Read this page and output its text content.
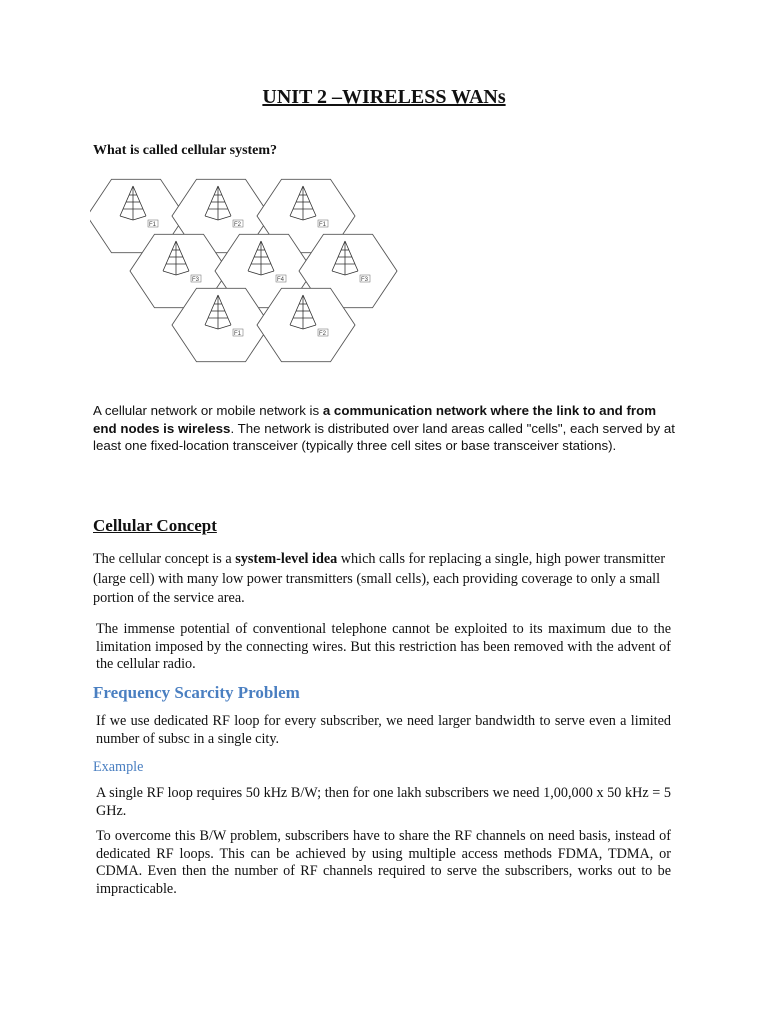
UNIT 2 –WIRELESS WANs
What is called cellular system?
F1	F2	F1
F3	F4	F3
F1	F2
A cellular network or mobile network is a communication network where the link to and from end nodes is wireless. The network is distributed over land areas called "cells", each served by at least one fixed-location transceiver (typically three cell sites or base transceiver stations).
Cellular Concept
The cellular concept is a system-level idea which calls for replacing a single, high power transmitter (large cell) with many low power transmitters (small cells), each providing coverage to only a small portion of the service area.
The immense potential of conventional telephone cannot be exploited to its maximum due to the limitation imposed by the connecting wires. But this restriction has been removed with the advent of the cellular radio.
Frequency Scarcity Problem
If we use dedicated RF loop for every subscriber, we need larger bandwidth to serve even a limited number of subsc in a single city.
Example
A single RF loop requires 50 kHz B/W; then for one lakh subscribers we need 1,00,000 x 50 kHz = 5 GHz.
To overcome this B/W problem, subscribers have to share the RF channels on need basis, instead of dedicated RF loops. This can be achieved by using multiple access methods FDMA, TDMA, or CDMA. Even then the number of RF channels required to serve the subscribers, works out to be impracticable.
